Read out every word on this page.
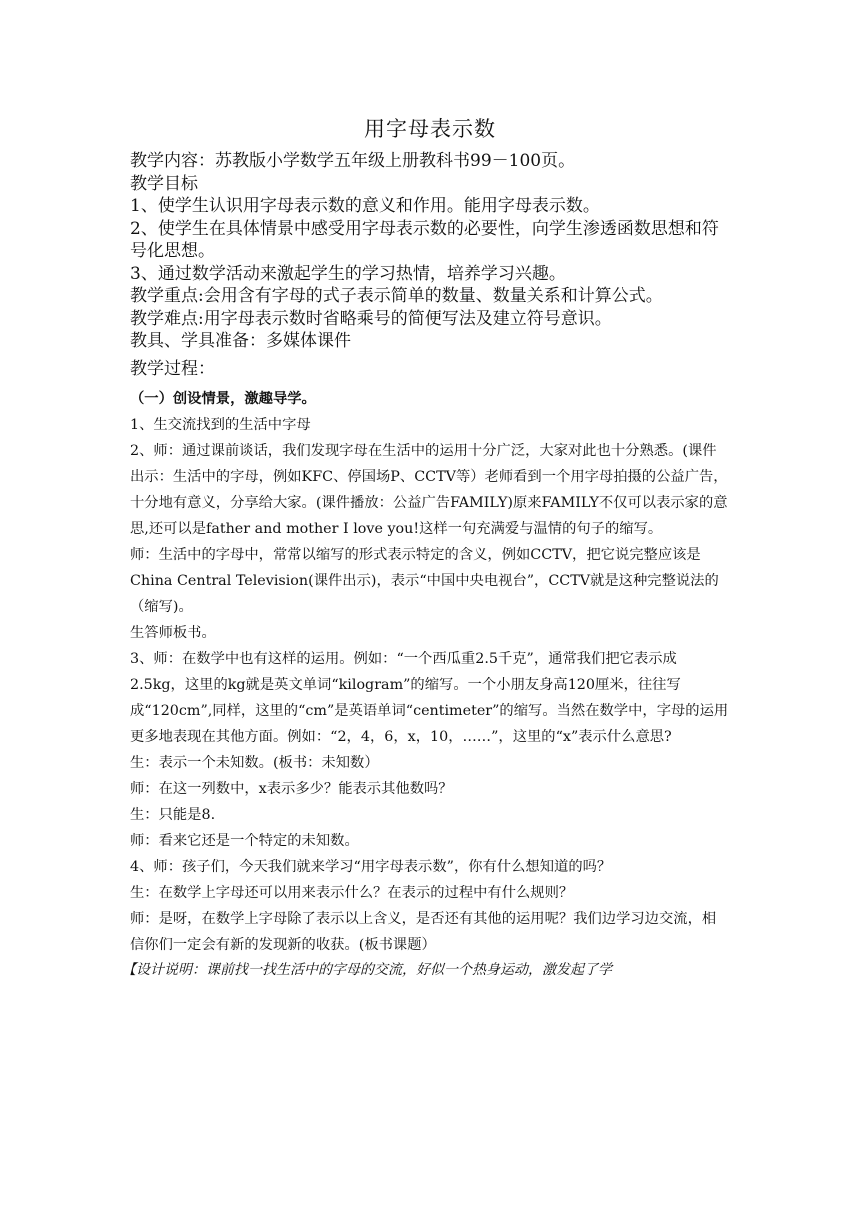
用字母表示数

教学内容：苏教版小学数学五年级上册教科书99－100页。

教学目标

1、使学生认识用字母表示数的意义和作用。能用字母表示数。

2、使学生在具体情景中感受用字母表示数的必要性，向学生渗透函数思想和符号化思想。

3、通过数学活动来激起学生的学习热情，培养学习兴趣。

教学重点:会用含有字母的式子表示简单的数量、数量关系和计算公式。

教学难点:用字母表示数时省略乘号的简便写法及建立符号意识。

教具、学具准备：多媒体课件

教学过程：

（一）创设情景，激趣导学。

1、生交流找到的生活中字母

2、师：通过课前谈话，我们发现字母在生活中的运用十分广泛，大家对此也十分熟悉。(课件出示：生活中的字母，例如KFC、停国场P、CCTV等）老师看到一个用字母拍摄的公益广告，十分地有意义，分享给大家。(课件播放：公益广告FAMILY)原来FAMILY不仅可以表示家的意思,还可以是father and mother I love you!这样一句充满爱与温情的句子的缩写。

师：生活中的字母中，常常以缩写的形式表示特定的含义，例如CCTV，把它说完整应该是China Central Television(课件出示)，表示“中国中央电视台”，CCTV就是这种完整说法的（缩写)。

生答师板书。

3、师：在数学中也有这样的运用。例如：“一个西瓜重2.5千克”，通常我们把它表示成2.5kg，这里的kg就是英文单词“kilogram”的缩写。一个小朋友身高120厘米，往往写成“120cm”,同样，这里的“cm”是英语单词“centimeter”的缩写。当然在数学中，字母的运用更多地表现在其他方面。例如：“2，4，6，x，10，……”，这里的“x”表示什么意思?

生：表示一个未知数。(板书：未知数）

师：在这一列数中，x表示多少？能表示其他数吗？

生：只能是8.

师：看来它还是一个特定的未知数。

4、师：孩子们，今天我们就来学习“用字母表示数”，你有什么想知道的吗？

生：在数学上字母还可以用来表示什么？在表示的过程中有什么规则？

师：是呀，在数学上字母除了表示以上含义，是否还有其他的运用呢？我们边学习边交流，相信你们一定会有新的发现新的收获。(板书课题）

【设计说明：课前找一找生活中的字母的交流，好似一个热身运动，激发起了学
